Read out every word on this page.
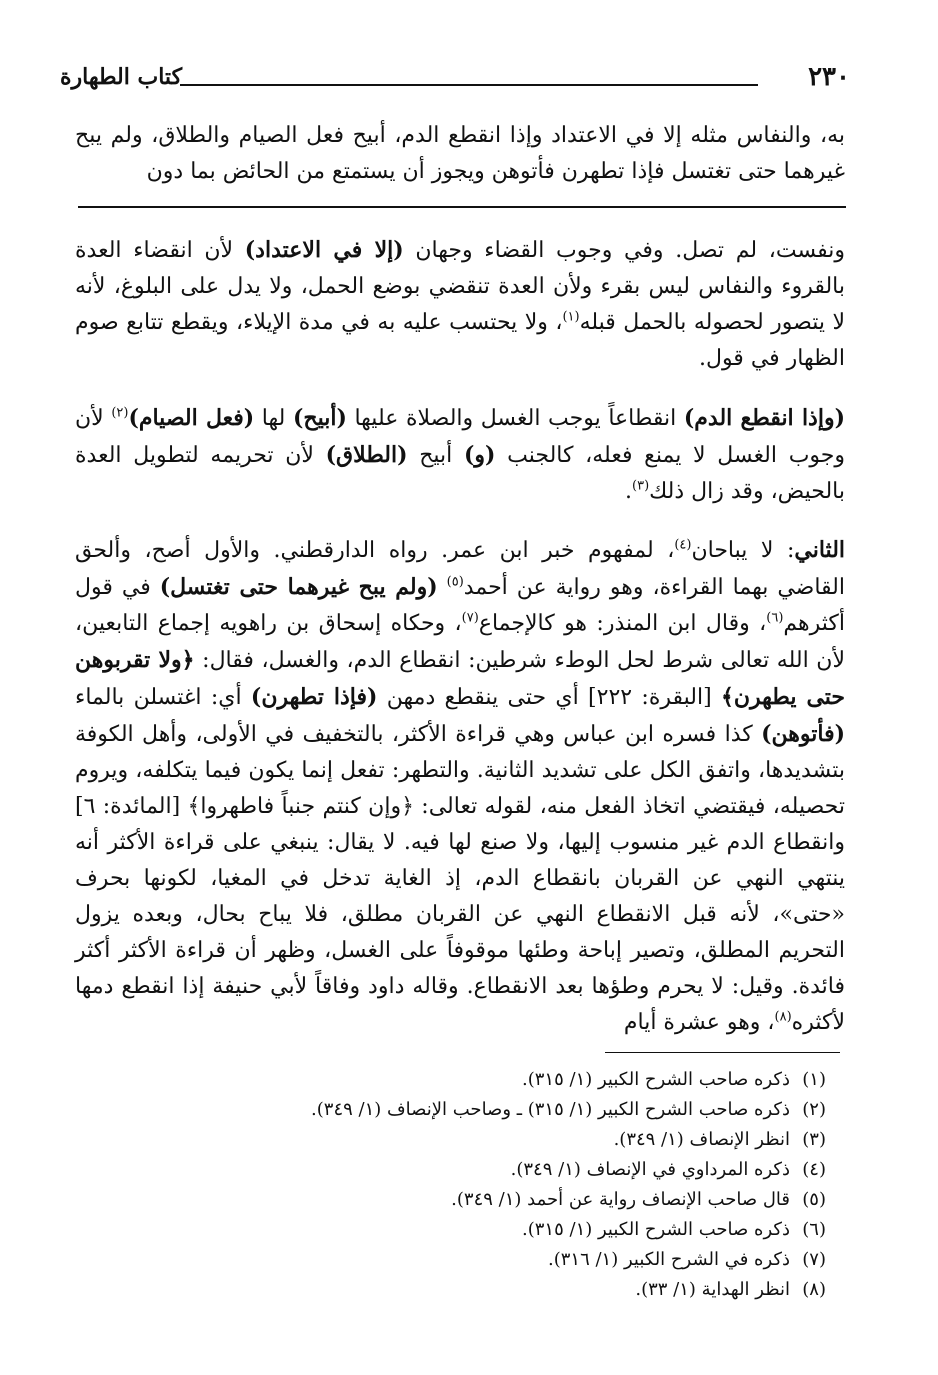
٢٣٠
كتاب الطهارة
به، والنفاس مثله إلا في الاعتداد وإذا انقطع الدم، أبيح فعل الصيام والطلاق، ولم يبح غيرهما حتى تغتسل فإذا تطهرن فأتوهن ويجوز أن يستمتع من الحائض بما دون
ونفست، لم تصل. وفي وجوب القضاء وجهان (إلا في الاعتداد) لأن انقضاء العدة بالقروء والنفاس ليس بقرء ولأن العدة تنقضي بوضع الحمل، ولا يدل على البلوغ، لأنه لا يتصور لحصوله بالحمل قبله$^{(١)}$، ولا يحتسب عليه به في مدة الإيلاء، ويقطع تتابع صوم الظهار في قول.
(وإذا انقطع الدم) انقطاعاً يوجب الغسل والصلاة عليها (أبيح) لها (فعل الصيام)$^{(٢)}$ لأن وجوب الغسل لا يمنع فعله، كالجنب (و) أبيح (الطلاق) لأن تحريمه لتطويل العدة بالحيض، وقد زال ذلك$^{(٣)}$.
الثاني: لا يباحان$^{(٤)}$، لمفهوم خبر ابن عمر. رواه الدارقطني. والأول أصح، وألحق القاضي بهما القراءة، وهو رواية عن أحمد$^{(٥)}$ (ولم يبح غيرهما حتى تغتسل) في قول أكثرهم$^{(٦)}$، وقال ابن المنذر: هو كالإجماع$^{(٧)}$، وحكاه إسحاق بن راهويه إجماع التابعين، لأن الله تعالى شرط لحل الوطء شرطين: انقطاع الدم، والغسل، فقال: ﴿ولا تقربوهن حتى يطهرن﴾ [البقرة: ٢٢٢] أي حتى ينقطع دمهن (فإذا تطهرن) أي: اغتسلن بالماء (فأتوهن) كذا فسره ابن عباس وهي قراءة الأكثر، بالتخفيف في الأولى، وأهل الكوفة بتشديدها، واتفق الكل على تشديد الثانية. والتطهر: تفعل إنما يكون فيما يتكلفه، ويروم تحصيله، فيقتضي اتخاذ الفعل منه، لقوله تعالى: ﴿وإن كنتم جنباً فاطهروا﴾ [المائدة: ٦] وانقطاع الدم غير منسوب إليها، ولا صنع لها فيه. لا يقال: ينبغي على قراءة الأكثر أنه ينتهي النهي عن القربان بانقطاع الدم، إذ الغاية تدخل في المغيا، لكونها بحرف «حتى»، لأنه قبل الانقطاع النهي عن القربان مطلق، فلا يباح بحال، وبعده يزول التحريم المطلق، وتصير إباحة وطئها موقوفاً على الغسل، وظهر أن قراءة الأكثر أكثر فائدة. وقيل: لا يحرم وطؤها بعد الانقطاع. وقاله داود وفاقاً لأبي حنيفة إذا انقطع دمها لأكثره$^{(٨)}$، وهو عشرة أيام
(١)ذكره صاحب الشرح الكبير (١/ ٣١٥).
(٢)ذكره صاحب الشرح الكبير (١/ ٣١٥) ـ وصاحب الإنصاف (١/ ٣٤٩).
(٣)انظر الإنصاف (١/ ٣٤٩).
(٤)ذكره المرداوي في الإنصاف (١/ ٣٤٩).
(٥)قال صاحب الإنصاف رواية عن أحمد (١/ ٣٤٩).
(٦)ذكره صاحب الشرح الكبير (١/ ٣١٥).
(٧)ذكره في الشرح الكبير (١/ ٣١٦).
(٨)انظر الهداية (١/ ٣٣).
